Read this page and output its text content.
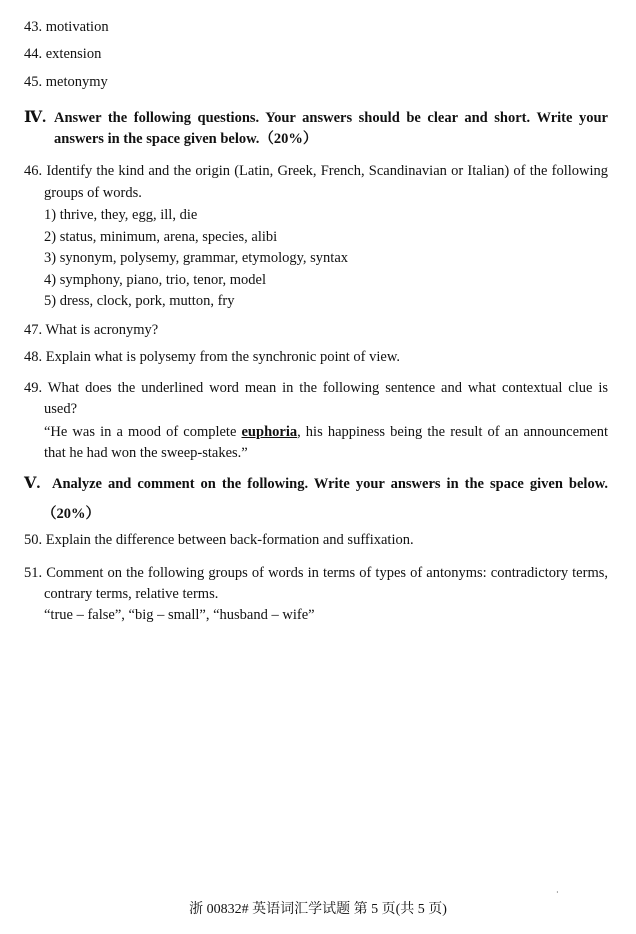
43. motivation
44. extension
45. metonymy
Ⅳ. Answer the following questions. Your answers should be clear and short. Write your
answers in the space given below.（20%）
46. Identify the kind and the origin (Latin, Greek, French, Scandinavian or Italian) of the following
groups of words.
1) thrive, they, egg, ill, die
2) status, minimum, arena, species, alibi
3) synonym, polysemy, grammar, etymology, syntax
4) symphony, piano, trio, tenor, model
5) dress, clock, pork, mutton, fry
47. What is acronymy?
48. Explain what is polysemy from the synchronic point of view.
49. What does the underlined word mean in the following sentence and what contextual clue is
used?
“He was in a mood of complete euphoria, his happiness being the result of an announcement
that he had won the sweep-stakes.”
Ⅴ. Analyze and comment on the following. Write your answers in the space given below.
（20%）
50. Explain the difference between back-formation and suffixation.
51. Comment on the following groups of words in terms of types of antonyms: contradictory terms,
contrary terms, relative terms.
“true – false”, “big – small”, “husband – wife”
·
浙 00832# 英语词汇学试题 第 5 页(共 5 页)
